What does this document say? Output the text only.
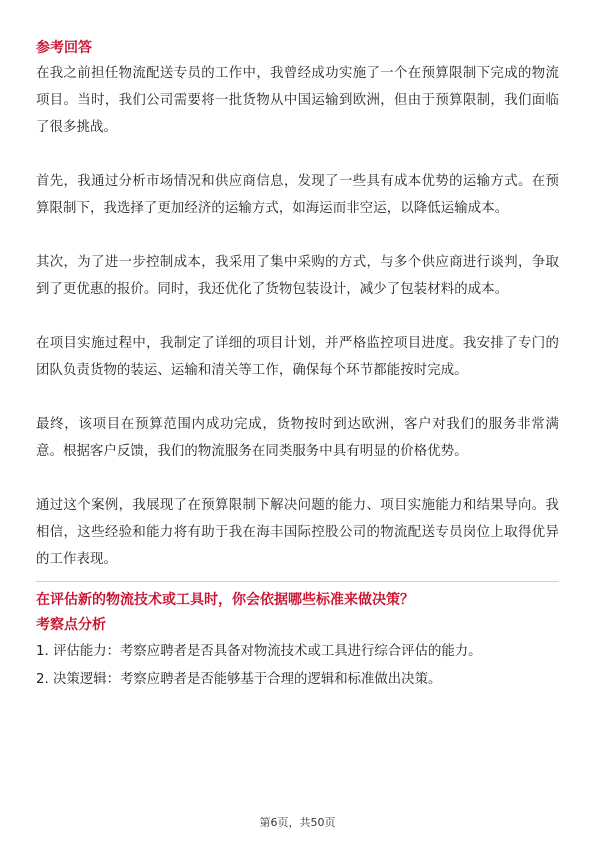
参考回答

在我之前担任物流配送专员的工作中，我曾经成功实施了一个在预算限制下完成的物流项目。当时，我们公司需要将一批货物从中国运输到欧洲，但由于预算限制，我们面临了很多挑战。

首先，我通过分析市场情况和供应商信息，发现了一些具有成本优势的运输方式。在预算限制下，我选择了更加经济的运输方式，如海运而非空运，以降低运输成本。

其次，为了进一步控制成本，我采用了集中采购的方式，与多个供应商进行谈判，争取到了更优惠的报价。同时，我还优化了货物包装设计，减少了包装材料的成本。

在项目实施过程中，我制定了详细的项目计划，并严格监控项目进度。我安排了专门的团队负责货物的装运、运输和清关等工作，确保每个环节都能按时完成。

最终，该项目在预算范围内成功完成，货物按时到达欧洲，客户对我们的服务非常满意。根据客户反馈，我们的物流服务在同类服务中具有明显的价格优势。

通过这个案例，我展现了在预算限制下解决问题的能力、项目实施能力和结果导向。我相信，这些经验和能力将有助于我在海丰国际控股公司的物流配送专员岗位上取得优异的工作表现。

在评估新的物流技术或工具时，你会依据哪些标准来做决策？
考察点分析

1. 评估能力：考察应聘者是否具备对物流技术或工具进行综合评估的能力。

2. 决策逻辑：考察应聘者是否能够基于合理的逻辑和标准做出决策。

第6页，共50页
